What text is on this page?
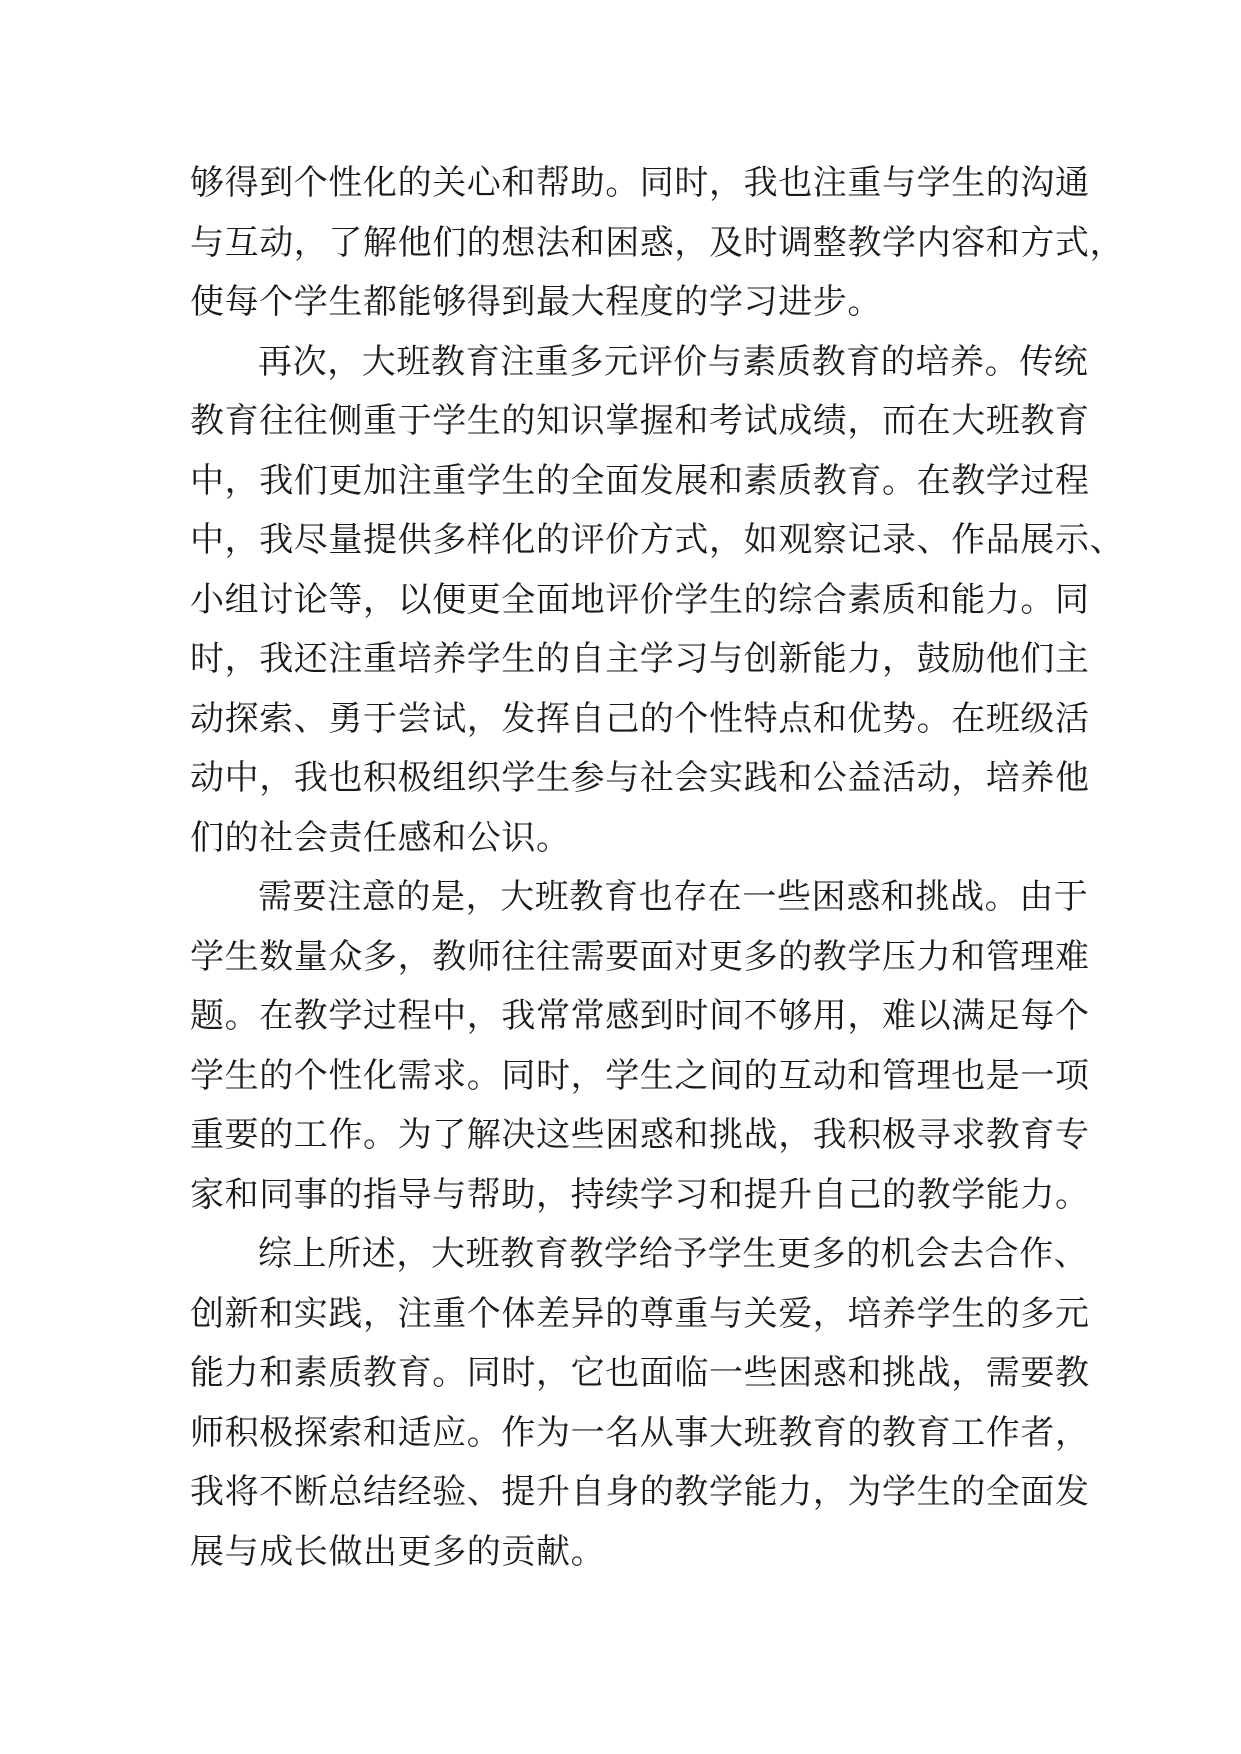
够得到个性化的关心和帮助。同时，我也注重与学生的沟通
与互动，了解他们的想法和困惑，及时调整教学内容和方式，
使每个学生都能够得到最大程度的学习进步。
再次，大班教育注重多元评价与素质教育的培养。传统
教育往往侧重于学生的知识掌握和考试成绩，而在大班教育
中，我们更加注重学生的全面发展和素质教育。在教学过程
中，我尽量提供多样化的评价方式，如观察记录、作品展示、
小组讨论等，以便更全面地评价学生的综合素质和能力。同
时，我还注重培养学生的自主学习与创新能力，鼓励他们主
动探索、勇于尝试，发挥自己的个性特点和优势。在班级活
动中，我也积极组织学生参与社会实践和公益活动，培养他
们的社会责任感和公识。
需要注意的是，大班教育也存在一些困惑和挑战。由于
学生数量众多，教师往往需要面对更多的教学压力和管理难
题。在教学过程中，我常常感到时间不够用，难以满足每个
学生的个性化需求。同时，学生之间的互动和管理也是一项
重要的工作。为了解决这些困惑和挑战，我积极寻求教育专
家和同事的指导与帮助，持续学习和提升自己的教学能力。
综上所述，大班教育教学给予学生更多的机会去合作、
创新和实践，注重个体差异的尊重与关爱，培养学生的多元
能力和素质教育。同时，它也面临一些困惑和挑战，需要教
师积极探索和适应。作为一名从事大班教育的教育工作者，
我将不断总结经验、提升自身的教学能力，为学生的全面发
展与成长做出更多的贡献。
